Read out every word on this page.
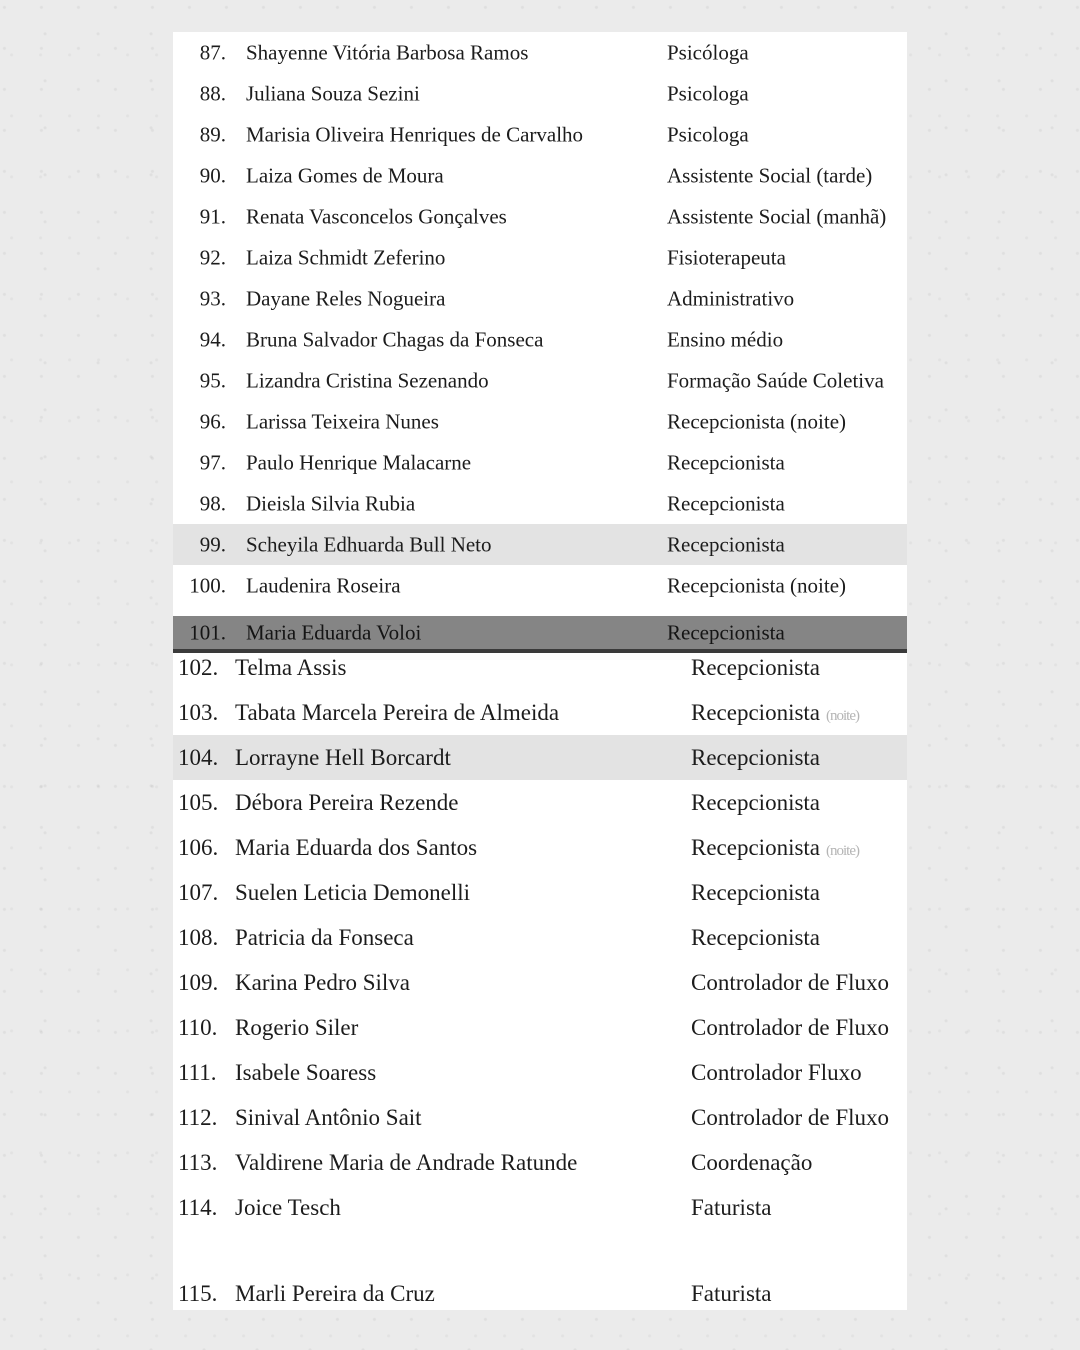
87. Shayenne Vitória Barbosa Ramos	Psicóloga
88. Juliana Souza Sezini	Psicologa
89. Marisia Oliveira Henriques de Carvalho	Psicologa
90. Laiza Gomes de Moura	Assistente Social (tarde)
91. Renata Vasconcelos Gonçalves	Assistente Social (manhã)
92. Laiza Schmidt Zeferino	Fisioterapeuta
93. Dayane Reles Nogueira	Administrativo
94. Bruna Salvador Chagas da Fonseca	Ensino médio
95. Lizandra Cristina Sezenando	Formação Saúde Coletiva
96. Larissa Teixeira Nunes	Recepcionista (noite)
97. Paulo Henrique Malacarne	Recepcionista
98. Dieisla Silvia Rubia	Recepcionista
99. Scheyila Edhuarda Bull Neto	Recepcionista
100. Laudenira Roseira	Recepcionista (noite)
101. Maria Eduarda Voloi	Recepcionista
102. Telma Assis	Recepcionista
103. Tabata Marcela Pereira de Almeida	Recepcionista (noite)
104. Lorrayne Hell Borcardt	Recepcionista
105. Débora Pereira Rezende	Recepcionista
106. Maria Eduarda dos Santos	Recepcionista (noite)
107. Suelen Leticia Demonelli	Recepcionista
108. Patricia da Fonseca	Recepcionista
109. Karina Pedro Silva	Controlador de Fluxo
110. Rogerio Siler	Controlador de Fluxo
111. Isabele Soaress	Controlador Fluxo
112. Sinival Antônio Sait	Controlador de Fluxo
113. Valdirene Maria de Andrade Ratunde	Coordenação
114. Joice Tesch	Faturista
115. Marli Pereira da Cruz	Faturista
